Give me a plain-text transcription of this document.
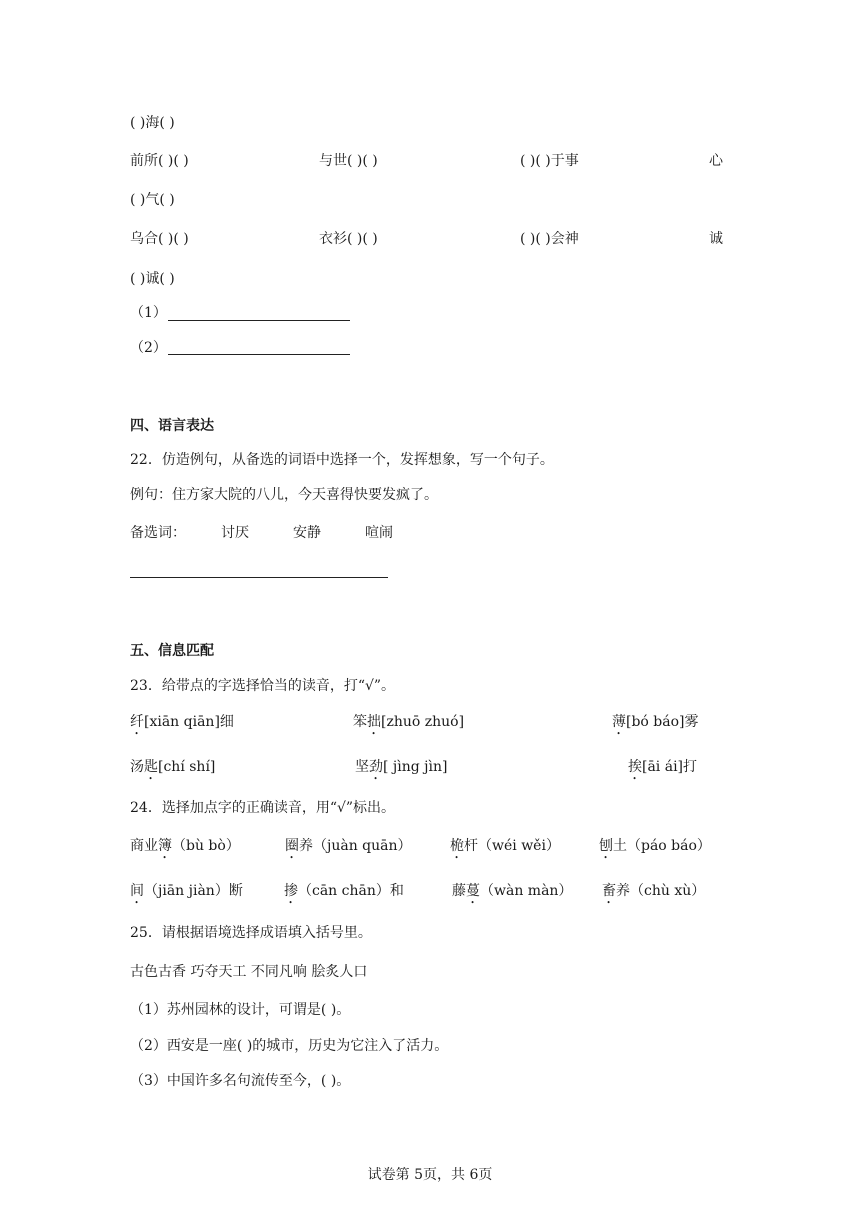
( )海( )
前所( )( )	与世( )( )	( )( )于事	心
( )气( )
乌合( )( )	衣衫( )( )	( )( )会神	诚
( )诚( )
（1）
（2）
四、语言表达
22．仿造例句，从备选的词语中选择一个，发挥想象，写一个句子。
例句：住方家大院的八儿，今天喜得快要发疯了。
备选词：	讨厌	安静	喧闹
五、信息匹配
23．给带点的字选择恰当的读音，打“√”。
纤[xiān qiān]细	笨拙[zhuō zhuó]	薄[bó báo]雾
汤匙[chí shí]	坚劲[ jìng jìn]	挨[āi ái]打
24．选择加点字的正确读音，用“√”标出。
商业簿（bù bò）	圈养（juàn quān）	桅杆（wéi wěi）	刨土（páo báo）
间（jiān jiàn）断	掺（cān chān）和	藤蔓（wàn màn） 畜养（chù xù）
25．请根据语境选择成语填入括号里。
古色古香 巧夺天工 不同凡响 脍炙人口
（1）苏州园林的设计，可谓是( )。
（2）西安是一座( )的城市，历史为它注入了活力。
（3）中国许多名句流传至今，( )。
试卷第 5页，共 6页
